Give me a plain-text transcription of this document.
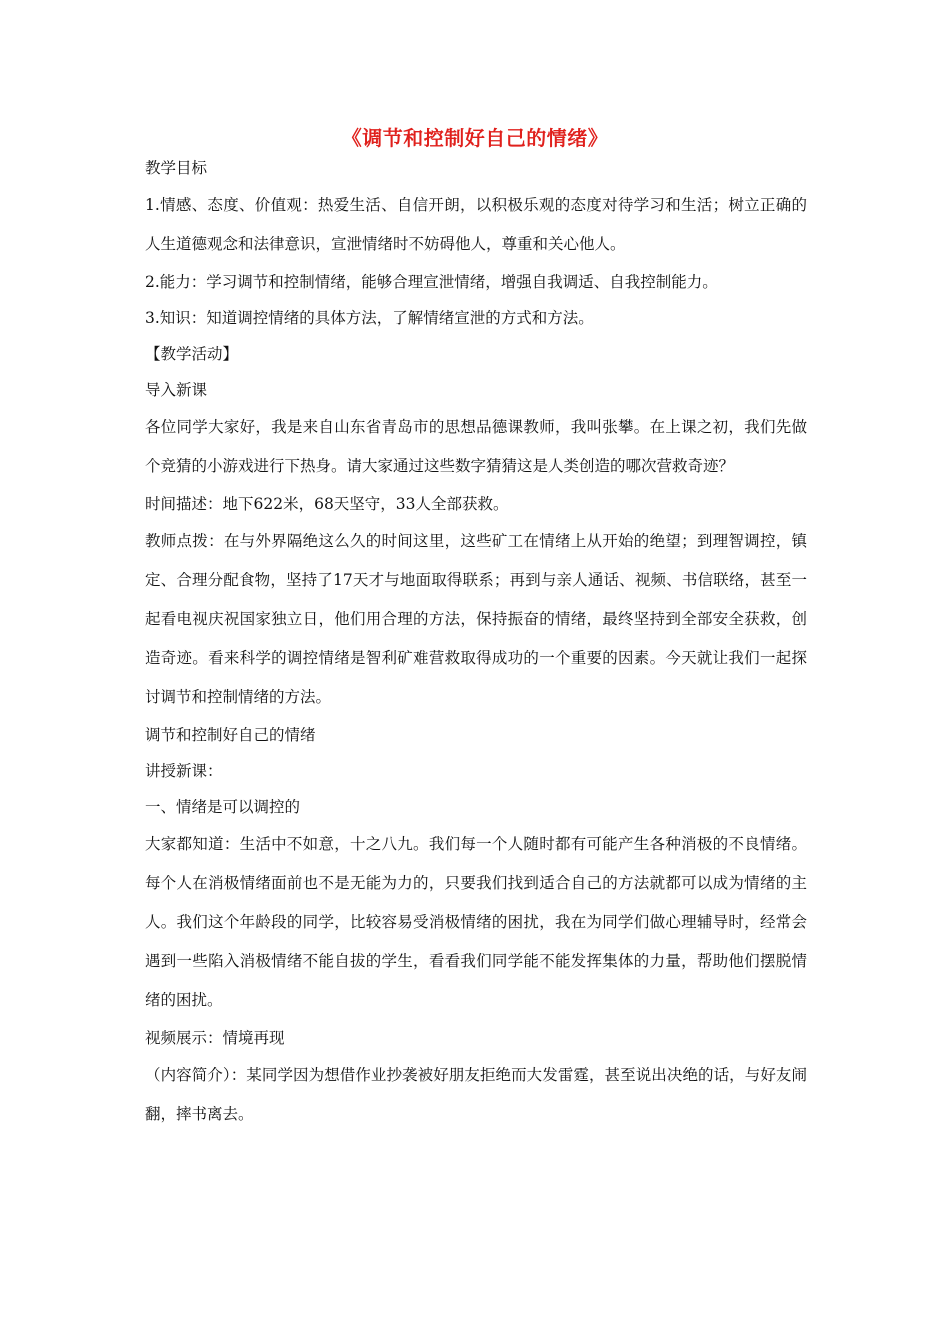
《调节和控制好自己的情绪》

教学目标

1.情感、态度、价值观：热爱生活、自信开朗，以积极乐观的态度对待学习和生活；树立正确的人生道德观念和法律意识，宣泄情绪时不妨碍他人，尊重和关心他人。

2.能力：学习调节和控制情绪，能够合理宣泄情绪，增强自我调适、自我控制能力。

3.知识：知道调控情绪的具体方法，了解情绪宣泄的方式和方法。

【教学活动】

导入新课

各位同学大家好，我是来自山东省青岛市的思想品德课教师，我叫张攀。在上课之初，我们先做个竞猜的小游戏进行下热身。请大家通过这些数字猜猜这是人类创造的哪次营救奇迹？

时间描述：地下622米，68天坚守，33人全部获救。

教师点拨：在与外界隔绝这么久的时间这里，这些矿工在情绪上从开始的绝望；到理智调控，镇定、合理分配食物，坚持了17天才与地面取得联系；再到与亲人通话、视频、书信联络，甚至一起看电视庆祝国家独立日，他们用合理的方法，保持振奋的情绪，最终坚持到全部安全获救，创造奇迹。看来科学的调控情绪是智利矿难营救取得成功的一个重要的因素。今天就让我们一起探讨调节和控制情绪的方法。

调节和控制好自己的情绪

讲授新课：

一、情绪是可以调控的

大家都知道：生活中不如意，十之八九。我们每一个人随时都有可能产生各种消极的不良情绪。每个人在消极情绪面前也不是无能为力的，只要我们找到适合自己的方法就都可以成为情绪的主人。我们这个年龄段的同学，比较容易受消极情绪的困扰，我在为同学们做心理辅导时，经常会遇到一些陷入消极情绪不能自拔的学生，看看我们同学能不能发挥集体的力量，帮助他们摆脱情绪的困扰。

视频展示：情境再现

（内容简介）：某同学因为想借作业抄袭被好朋友拒绝而大发雷霆，甚至说出决绝的话，与好友闹翻，摔书离去。
